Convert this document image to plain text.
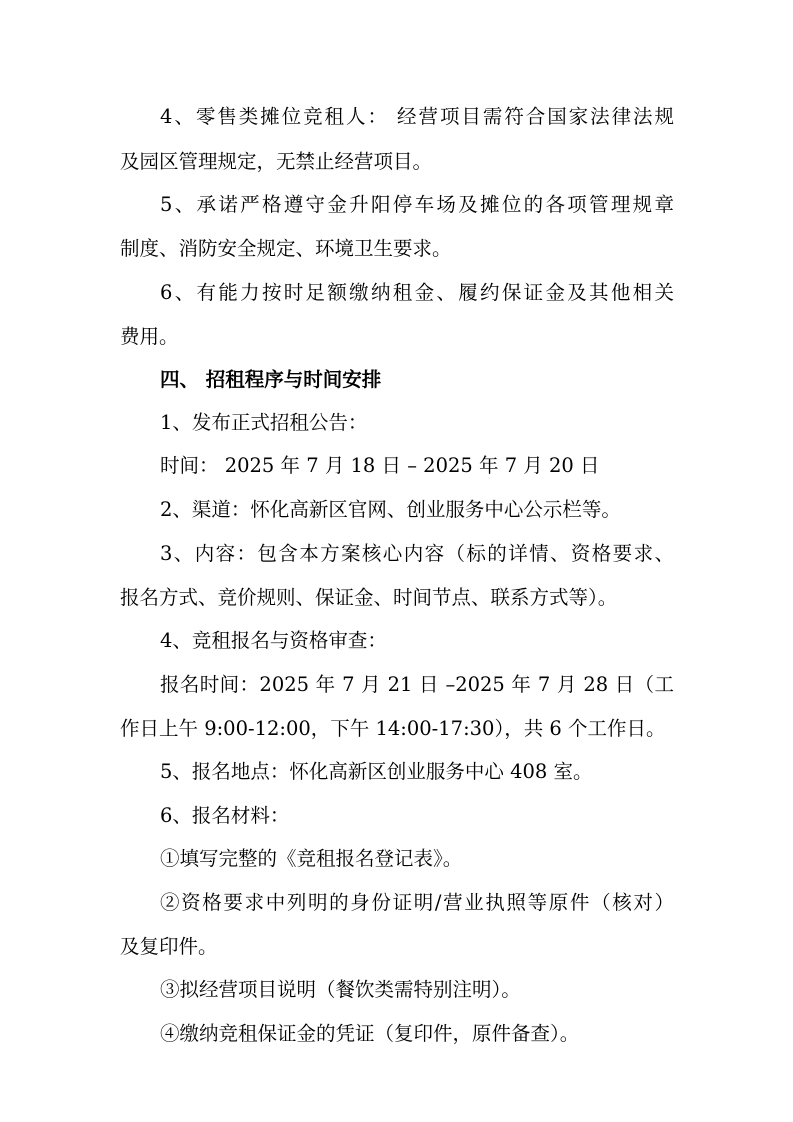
4、零售类摊位竞租人： 经营项目需符合国家法律法规
及园区管理规定，无禁止经营项目。
5、承诺严格遵守金升阳停车场及摊位的各项管理规章
制度、消防安全规定、环境卫生要求。
6、有能力按时足额缴纳租金、履约保证金及其他相关
费用。
四、 招租程序与时间安排
1、发布正式招租公告：
时间： 2025 年 7 月 18 日 – 2025 年 7 月 20 日
2、渠道：怀化高新区官网、创业服务中心公示栏等。
3、内容：包含本方案核心内容（标的详情、资格要求、
报名方式、竞价规则、保证金、时间节点、联系方式等）。
4、竞租报名与资格审查：
报名时间：2025 年 7 月 21 日 –2025 年 7 月 28 日（工
作日上午 9:00-12:00，下午 14:00-17:30），共 6 个工作日。
5、报名地点：怀化高新区创业服务中心 408 室。
6、报名材料：
①填写完整的《竞租报名登记表》。
②资格要求中列明的身份证明/营业执照等原件（核对）
及复印件。
③拟经营项目说明（餐饮类需特别注明）。
④缴纳竞租保证金的凭证（复印件，原件备查）。
